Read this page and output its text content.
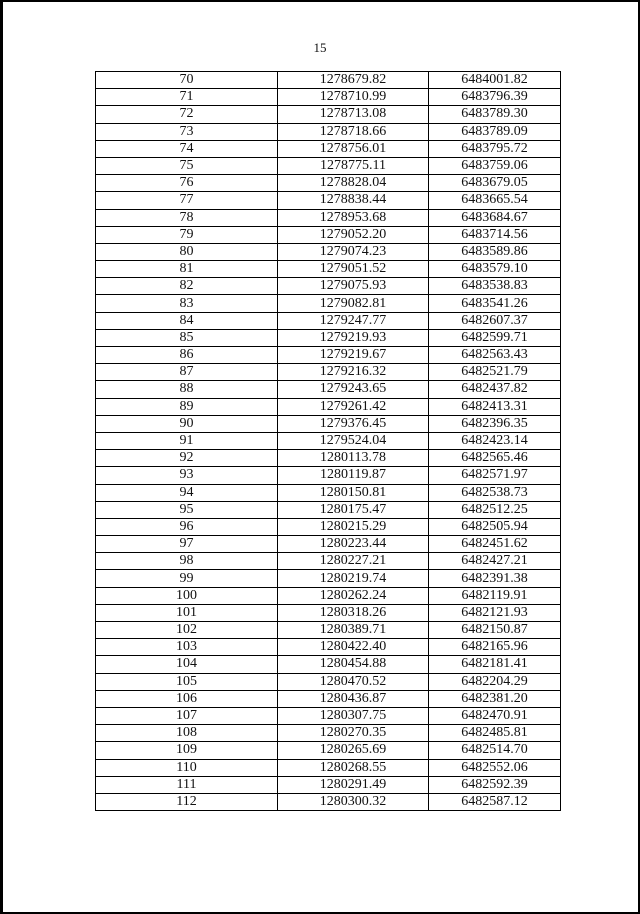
15
70	1278679.82	6484001.82
71	1278710.99	6483796.39
72	1278713.08	6483789.30
73	1278718.66	6483789.09
74	1278756.01	6483795.72
75	1278775.11	6483759.06
76	1278828.04	6483679.05
77	1278838.44	6483665.54
78	1278953.68	6483684.67
79	1279052.20	6483714.56
80	1279074.23	6483589.86
81	1279051.52	6483579.10
82	1279075.93	6483538.83
83	1279082.81	6483541.26
84	1279247.77	6482607.37
85	1279219.93	6482599.71
86	1279219.67	6482563.43
87	1279216.32	6482521.79
88	1279243.65	6482437.82
89	1279261.42	6482413.31
90	1279376.45	6482396.35
91	1279524.04	6482423.14
92	1280113.78	6482565.46
93	1280119.87	6482571.97
94	1280150.81	6482538.73
95	1280175.47	6482512.25
96	1280215.29	6482505.94
97	1280223.44	6482451.62
98	1280227.21	6482427.21
99	1280219.74	6482391.38
100	1280262.24	6482119.91
101	1280318.26	6482121.93
102	1280389.71	6482150.87
103	1280422.40	6482165.96
104	1280454.88	6482181.41
105	1280470.52	6482204.29
106	1280436.87	6482381.20
107	1280307.75	6482470.91
108	1280270.35	6482485.81
109	1280265.69	6482514.70
110	1280268.55	6482552.06
111	1280291.49	6482592.39
112	1280300.32	6482587.12
